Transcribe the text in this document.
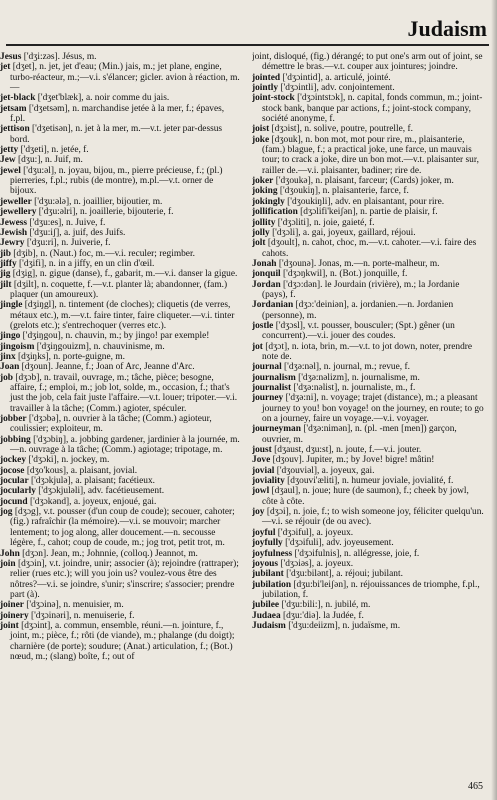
Judaism

Jesus ['dʒi:zəs]. Jésus, m.

jet [dʒet], n. jet, jet d'eau; (Min.) jais, m.; jet plane, engine, turbo-réacteur, m.;—v.i. s'élancer; gicler. avion à réaction, m.—

jet-black ['dʒet'blæk], a. noir comme du jais.

jetsam ['dʒetsəm], n. marchandise jetée à la mer, f.; épaves, f.pl.

jettison ['dʒetisən], n. jet à la mer, m.—v.t. jeter par-dessus bord.

jetty ['dʒeti], n. jetée, f.

Jew [dʒu:], n. Juif, m.

jewel ['dʒu:əl], n. joyau, bijou, m., pierre précieuse, f.; (pl.) pierreries, f.pl.; rubis (de montre), m.pl.—v.t. orner de bijoux.

jeweller ['dʒu:ələ], n. joaillier, bijoutier, m.

jewellery ['dʒu:əlri], n. joaillerie, bijouterie, f.

Jewess ['dʒu:es], n. Juive, f.

Jewish ['dʒu:iʃ], a. juif, des Juifs.

Jewry ['dʒu:ri], n. Juiverie, f.

jib [dʒib], n. (Naut.) foc, m.—v.i. reculer; regimber.

jiffy ['dʒifi], n. in a jiffy, en un clin d'œil.

jig [dʒig], n. gigue (danse), f., gabarit, m.—v.i. danser la gigue.

jilt [dʒilt], n. coquette, f.—v.t. planter là; abandonner, (fam.) plaquer (un amoureux).

jingle [dʒiŋgl], n. tintement (de cloches); cliquetis (de verres, métaux etc.), m.—v.t. faire tinter, faire cliqueter.—v.i. tinter (grelots etc.); s'entrechoquer (verres etc.).

jingo ['dʒiŋgou], n. chauvin, m.; by jingo! par exemple!

jingoism ['dʒiŋgouizm], n. chauvinisme, m.

jinx [dʒiŋks], n. porte-guigne, m.

Joan [dʒoun]. Jeanne, f.; Joan of Arc, Jeanne d'Arc.

job [dʒɔb], n. travail, ouvrage, m.; tâche, pièce; besogne, affaire, f.; emploi, m.; job lot, solde, m., occasion, f.; that's just the job, cela fait juste l'affaire.—v.t. louer; tripoter.—v.i. travailler à la tâche; (Comm.) agioter, spéculer.

jobber ['dʒɔbə], n. ouvrier à la tâche; (Comm.) agioteur, coulissier; exploiteur, m.

jobbing ['dʒɔbiŋ], a. jobbing gardener, jardinier à la journée, m.—n. ouvrage à la tâche; (Comm.) agiotage; tripotage, m.

jockey ['dʒɔki], n. jockey, m.

jocose [dʒo'kous], a. plaisant, jovial.

jocular ['dʒɔkjulə], a. plaisant; facétieux.

jocularly ['dʒɔkjuləli], adv. facétieusement.

jocund ['dʒɔkənd], a. joyeux, enjoué, gai.

jog [dʒɔg], v.t. pousser (d'un coup de coude); secouer, cahoter; (fig.) rafraîchir (la mémoire).—v.i. se mouvoir; marcher lentement; to jog along, aller doucement.—n. secousse légère, f., cahot; coup de coude, m.; jog trot, petit trot, m.

John [dʒɔn]. Jean, m.; Johnnie, (colloq.) Jeannot, m.

join [dʒɔin], v.t. joindre, unir; associer (à); rejoindre (rattraper); relier (rues etc.); will you join us? voulez-vous être des nôtres?—v.i. se joindre, s'unir; s'inscrire; s'associer; prendre part (à).

joiner ['dʒɔinə], n. menuisier, m.

joinery ['dʒɔinəri], n. menuiserie, f.

joint [dʒɔint], a. commun, ensemble, réuni.—n. jointure, f., joint, m.; pièce, f.; rôti (de viande), m.; phalange (du doigt); charnière (de porte); soudure; (Anat.) articulation, f.; (Bot.) nœud, m.; (slang) boîte, f.; out of

joint, disloqué, (fig.) dérangé; to put one's arm out of joint, se démettre le bras.—v.t. couper aux jointures; joindre.

jointed ['dʒɔintid], a. articulé, jointé.

jointly ['dʒɔintli], adv. conjointement.

joint-stock ['dʒɔintstɔk], n. capital, fonds commun, m.; joint-stock bank, banque par actions, f.; joint-stock company, société anonyme, f.

joist [dʒɔist], n. solive, poutre, poutrelle, f.

joke [dʒouk], n. bon mot, mot pour rire, m., plaisanterie, (fam.) blague, f.; a practical joke, une farce, un mauvais tour; to crack a joke, dire un bon mot.—v.t. plaisanter sur, railler de.—v.i. plaisanter, badiner; rire de.

joker ['dʒoukə], n. plaisant, farceur; (Cards) joker, m.

joking ['dʒoukiŋ], n. plaisanterie, farce, f.

jokingly ['dʒoukiŋli], adv. en plaisantant, pour rire.

jollification [dʒɔlifi'keiʃən], n. partie de plaisir, f.

jollity ['dʒɔliti], n. joie, gaieté, f.

jolly ['dʒɔli], a. gai, joyeux, gaillard, réjoui.

jolt [dʒoult], n. cahot, choc, m.—v.t. cahoter.—v.i. faire des cahots.

Jonah ['dʒounə]. Jonas, m.—n. porte-malheur, m.

jonquil ['dʒɔŋkwil], n. (Bot.) jonquille, f.

Jordan ['dʒɔ:dən]. le Jourdain (rivière), m.; la Jordanie (pays), f.

Jordanian [dʒɔ:'deiniən], a. jordanien.—n. Jordanien (personne), m.

jostle ['dʒɔsl], v.t. pousser, bousculer; (Spt.) gêner (un concurrent).—v.i. jouer des coudes.

jot [dʒɔt], n. iota, brin, m.—v.t. to jot down, noter, prendre note de.

journal ['dʒə:nəl], n. journal, m.; revue, f.

journalism ['dʒə:nəlizm], n. journalisme, m.

journalist ['dʒə:nəlist], n. journaliste, m., f.

journey ['dʒə:ni], n. voyage; trajet (distance), m.; a pleasant journey to you! bon voyage! on the journey, en route; to go on a journey, faire un voyage.—v.i. voyager.

journeyman ['dʒə:nimən], n. (pl. -men [men]) garçon, ouvrier, m.

joust [dʒaust, dʒu:st], n. joute, f.—v.i. jouter.

Jove [dʒouv]. Jupiter, m.; by Jove! bigre! mâtin!

jovial ['dʒouviəl], a. joyeux, gai.

joviality [dʒouvi'æliti], n. humeur joviale, jovialité, f.

jowl [dʒaul], n. joue; hure (de saumon), f.; cheek by jowl, côte à côte.

joy [dʒɔi], n. joie, f.; to wish someone joy, féliciter quelqu'un.—v.i. se réjouir (de ou avec).

joyful ['dʒɔiful], a. joyeux.

joyfully ['dʒɔifuli], adv. joyeusement.

joyfulness ['dʒɔifulnis], n. allégresse, joie, f.

joyous ['dʒɔiəs], a. joyeux.

jubilant ['dʒu:bilənt], a. réjoui; jubilant.

jubilation [dʒu:bi'leiʃən], n. réjouissances de triomphe, f.pl., jubilation, f.

jubilee ['dʒu:bili:], n. jubilé, m.

Judaea [dʒu:'diə]. la Judée, f.

Judaism ['dʒu:deiizm], n. judaïsme, m.

465
